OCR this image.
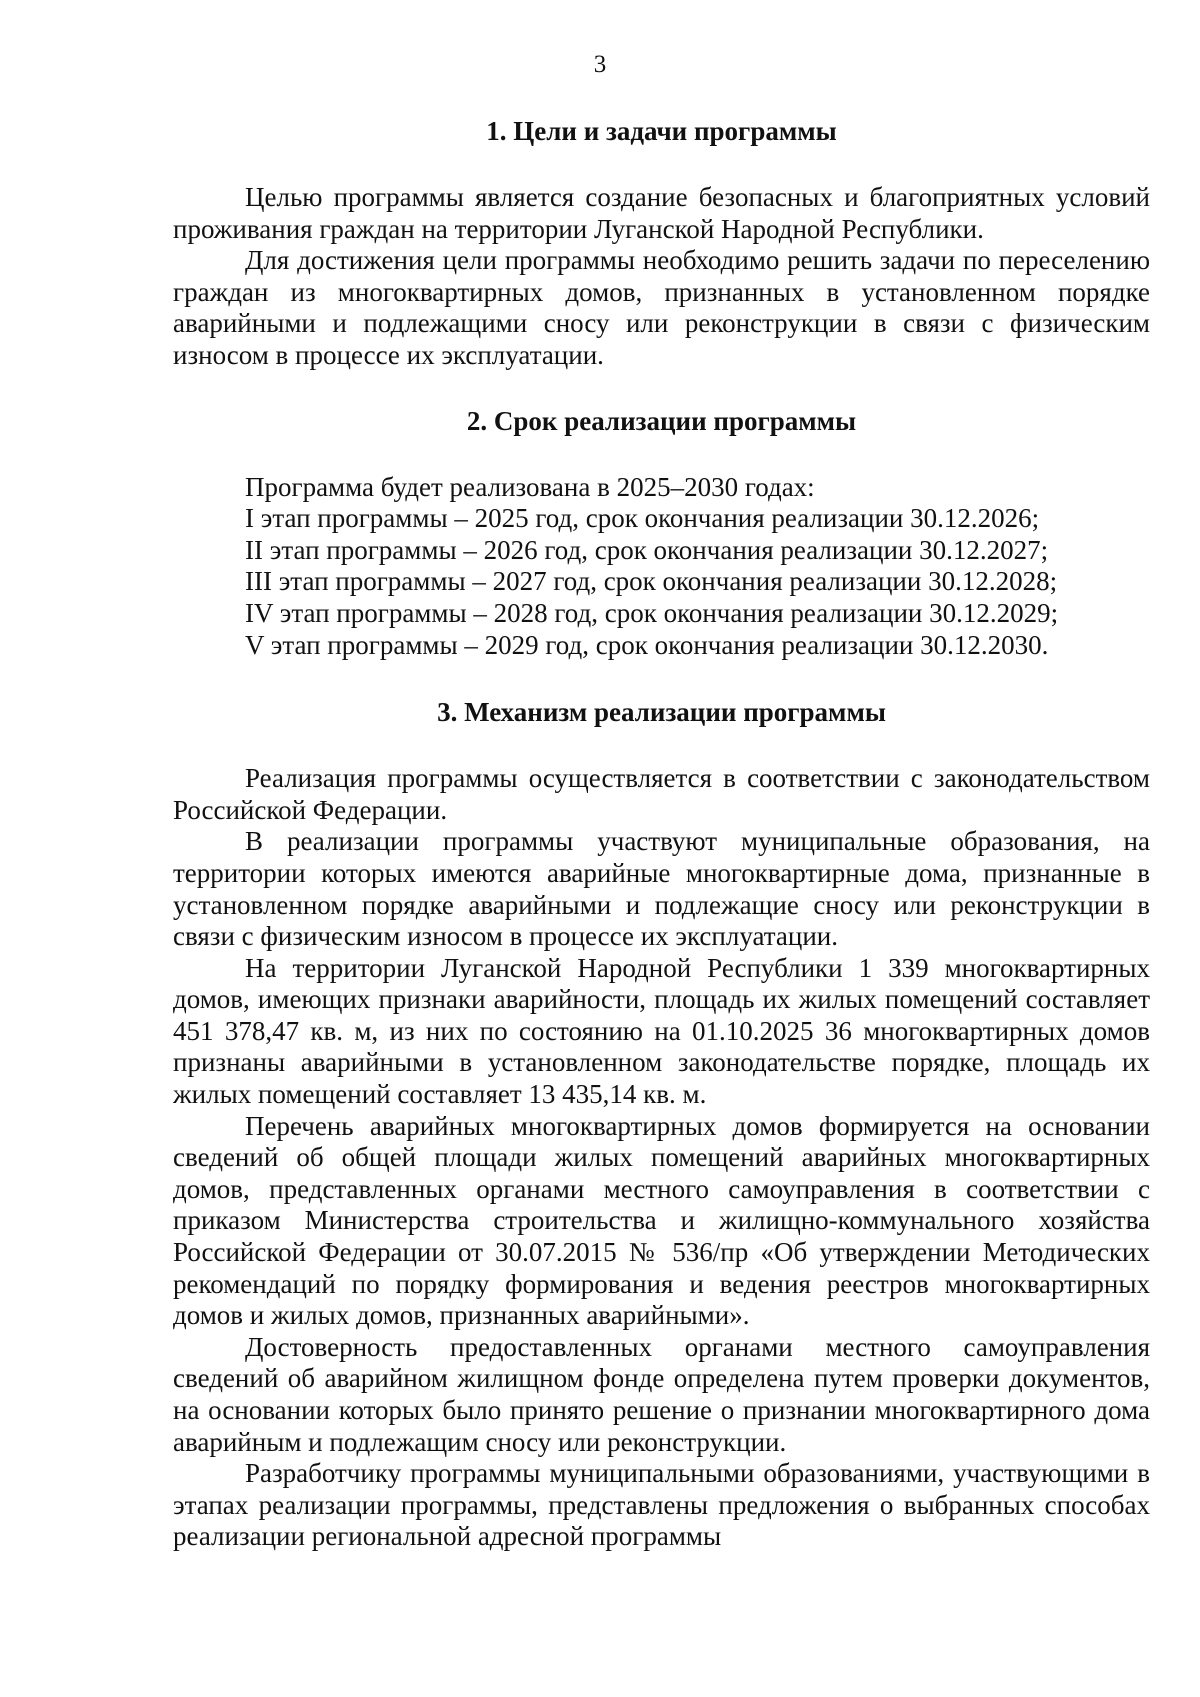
3
1. Цели и задачи программы

Целью программы является создание безопасных и благоприятных условий проживания граждан на территории Луганской Народной Республики.

Для достижения цели программы необходимо решить задачи по переселению граждан из многоквартирных домов, признанных в установленном порядке аварийными и подлежащими сносу или реконструкции в связи с физическим износом в процессе их эксплуатации.

2. Срок реализации программы

Программа будет реализована в 2025–2030 годах:

I этап программы – 2025 год, срок окончания реализации 30.12.2026;

II этап программы – 2026 год, срок окончания реализации 30.12.2027;

III этап программы – 2027 год, срок окончания реализации 30.12.2028;

IV этап программы – 2028 год, срок окончания реализации 30.12.2029;

V этап программы – 2029 год, срок окончания реализации 30.12.2030.

3. Механизм реализации программы

Реализация программы осуществляется в соответствии с законодательством Российской Федерации.

В реализации программы участвуют муниципальные образования, на территории которых имеются аварийные многоквартирные дома, признанные в установленном порядке аварийными и подлежащие сносу или реконструкции в связи с физическим износом в процессе их эксплуатации.

На территории Луганской Народной Республики 1 339 многоквартирных домов, имеющих признаки аварийности, площадь их жилых помещений составляет 451 378,47 кв. м, из них по состоянию на 01.10.2025 36 многоквартирных домов признаны аварийными в установленном законодательстве порядке, площадь их жилых помещений составляет 13 435,14 кв. м.

Перечень аварийных многоквартирных домов формируется на основании сведений об общей площади жилых помещений аварийных многоквартирных домов, представленных органами местного самоуправления в соответствии с приказом Министерства строительства и жилищно-коммунального хозяйства Российской Федерации от 30.07.2015 № 536/пр «Об утверждении Методических рекомендаций по порядку формирования и ведения реестров многоквартирных домов и жилых домов, признанных аварийными».

Достоверность предоставленных органами местного самоуправления сведений об аварийном жилищном фонде определена путем проверки документов, на основании которых было принято решение о признании многоквартирного дома аварийным и подлежащим сносу или реконструкции.

Разработчику программы муниципальными образованиями, участвующими в этапах реализации программы, представлены предложения о выбранных способах реализации региональной адресной программы
